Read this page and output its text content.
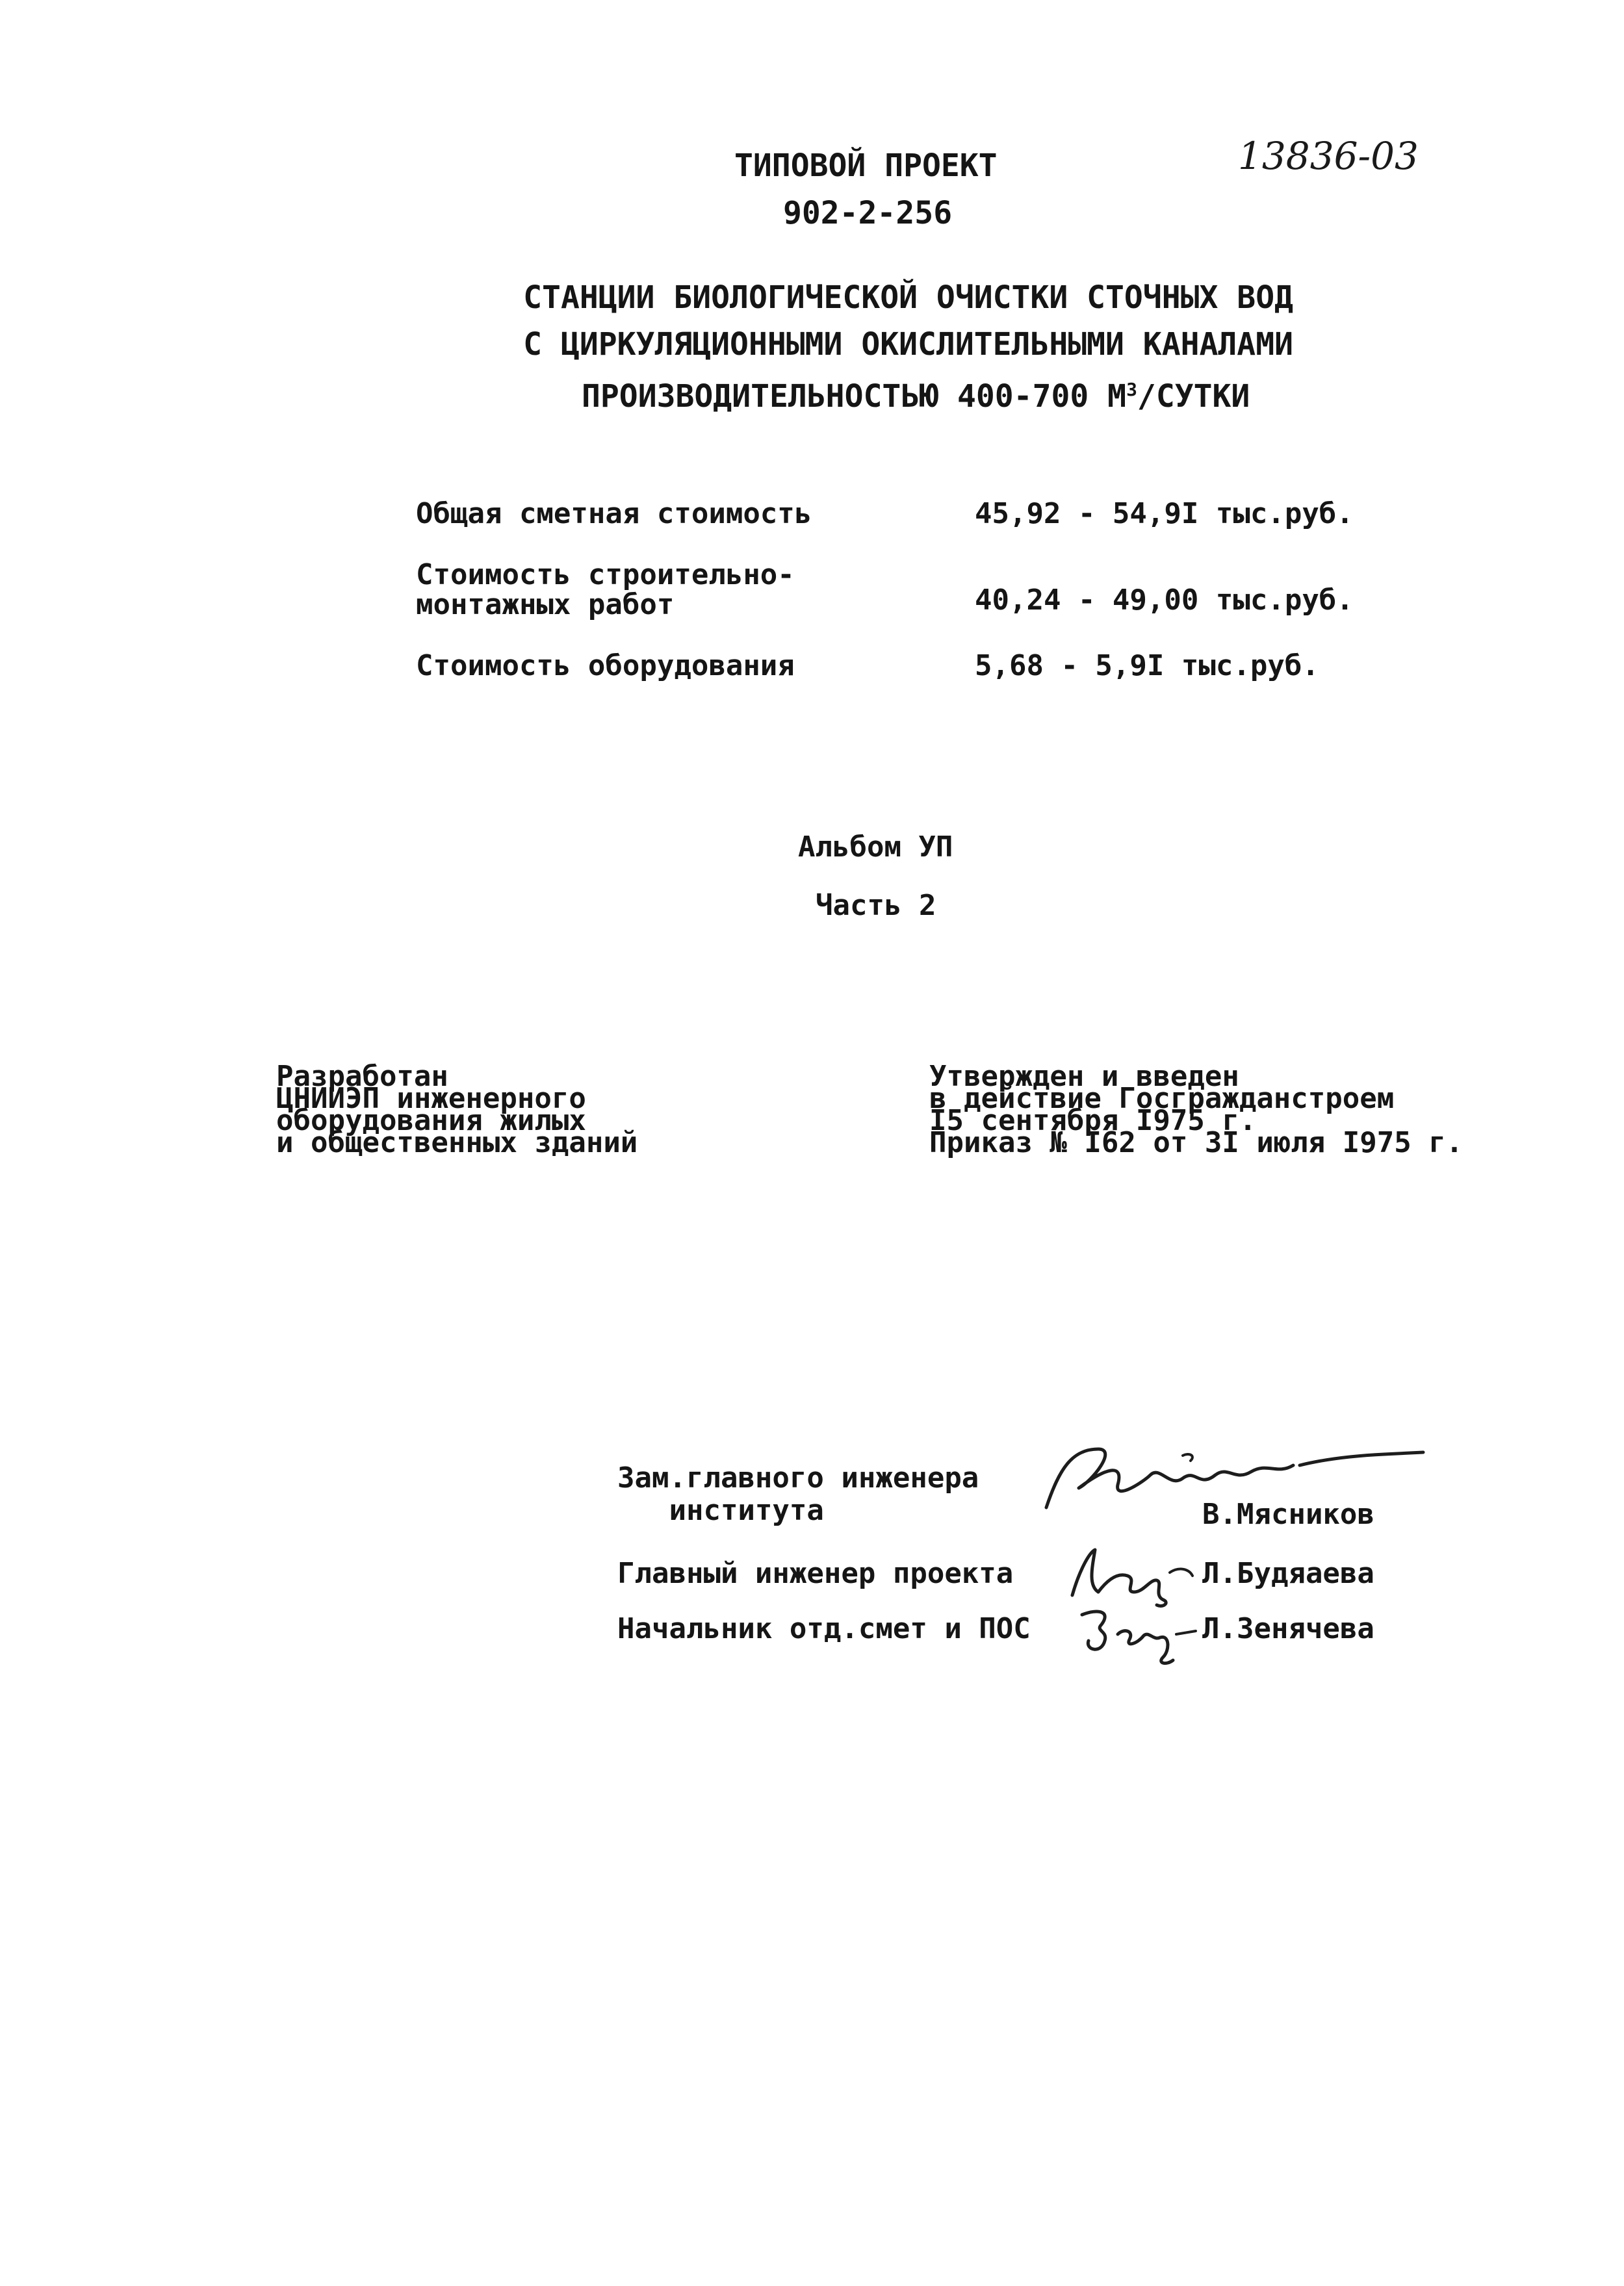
ТИПОВОЙ ПРОЕКТ
902-2-256
13836-03
СТАНЦИИ БИОЛОГИЧЕСКОЙ ОЧИСТКИ СТОЧНЫХ ВОД
С ЦИРКУЛЯЦИОННЫМИ ОКИСЛИТЕЛЬНЫМИ КАНАЛАМИ
ПРОИЗВОДИТЕЛЬНОСТЬЮ 400-700 $М^3$/СУТКИ
Общая сметная стоимость	45,92 - 54,9I тыс.руб.
Стоимость строительно-
монтажных работ	40,24 - 49,00 тыс.руб.
Стоимость оборудования	5,68 - 5,9I тыс.руб.
Альбом УП
Часть 2
Разработан
ЦНИИЭП инженерного
оборудования жилых
и общественных зданий
Утвержден и введен
в действие Госгражданстроем
I5 сентября I975 г.
Приказ № I62 от 3I июля I975 г.
Зам.главного инженера
института	В.Мясников
Главный инженер проекта	Л.Будяаева
Начальник отд.смет и ПОС	Л.Зенячева
